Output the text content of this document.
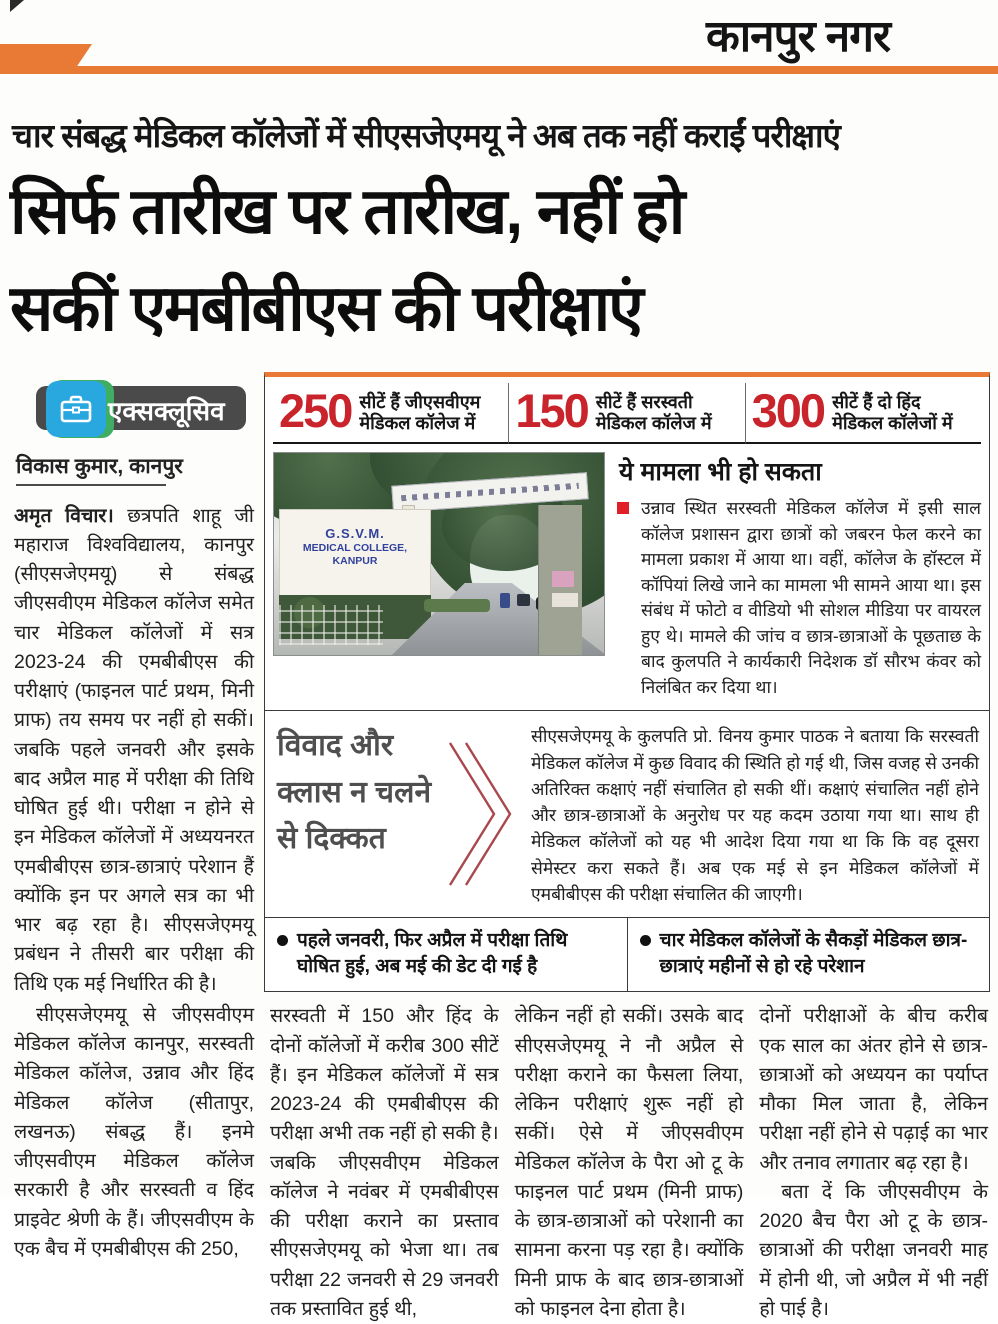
कानपुर नगर
चार संबद्ध मेडिकल कॉलेजों में सीएसजेएमयू ने अब तक नहीं कराईं परीक्षाएं
सिर्फ तारीख पर तारीख, नहीं हो
सकीं एमबीबीएस की परीक्षाएं
एक्सक्लूसिव
विकास कुमार, कानपुर

अमृत विचार। छत्रपति शाहू जी महाराज विश्वविद्यालय, कानपुर (सीएसजेएमयू) से संबद्ध जीएसवीएम मेडिकल कॉलेज समेत चार मेडिकल कॉलेजों में सत्र 2023-24 की एमबीबीएस की परीक्षाएं (फाइनल पार्ट प्रथम, मिनी प्राफ) तय समय पर नहीं हो सकीं। जबकि पहले जनवरी और इसके बाद अप्रैल माह में परीक्षा की तिथि घोषित हुई थी। परीक्षा न होने से इन मेडिकल कॉलेजों में अध्ययनरत एमबीबीएस छात्र-छात्राएं परेशान हैं क्योंकि इन पर अगले सत्र का भी भार बढ़ रहा है। सीएसजेएमयू प्रबंधन ने तीसरी बार परीक्षा की तिथि एक मई निर्धारित की है।

सीएसजेएमयू से जीएसवीएम मेडिकल कॉलेज कानपुर, सरस्वती मेडिकल कॉलेज, उन्नाव और हिंद मेडिकल कॉलेज (सीतापुर, लखनऊ) संबद्ध हैं। इनमे जीएसवीएम मेडिकल कॉलेज सरकारी है और सरस्वती व हिंद प्राइवेट श्रेणी के हैं। जीएसवीएम के एक बैच में एमबीबीएस की 250,

250 सीटें हैं जीएसवीएम मेडिकल कॉलेज में 150 सीटें हैं सरस्वती मेडिकल कॉलेज में 300 सीटें हैं दो हिंद मेडिकल कॉलेजों में
G.S.V.M.
MEDICAL COLLEGE, KANPUR
ये मामला भी हो सकता

उन्नाव स्थित सरस्वती मेडिकल कॉलेज में इसी साल कॉलेज प्रशासन द्वारा छात्रों को जबरन फेल करने का मामला प्रकाश में आया था। वहीं, कॉलेज के हॉस्टल में कॉपियां लिखे जाने का मामला भी सामने आया था। इस संबंध में फोटो व वीडियो भी सोशल मीडिया पर वायरल हुए थे। मामले की जांच व छात्र-छात्राओं के पूछताछ के बाद कुलपति ने कार्यकारी निदेशक डॉ सौरभ कंवर को निलंबित कर दिया था।

विवाद और
क्लास न चलने
से दिक्कत

सीएसजेएमयू के कुलपति प्रो. विनय कुमार पाठक ने बताया कि सरस्वती मेडिकल कॉलेज में कुछ विवाद की स्थिति हो गई थी, जिस वजह से उनकी अतिरिक्त कक्षाएं नहीं संचालित हो सकी थीं। कक्षाएं संचालित नहीं होने और छात्र-छात्राओं के अनुरोध पर यह कदम उठाया गया था। साथ ही मेडिकल कॉलेजों को यह भी आदेश दिया गया था कि कि वह दूसरा सेमेस्टर करा सकते हैं। अब एक मई से इन मेडिकल कॉलेजों में एमबीबीएस की परीक्षा संचालित की जाएगी।

पहले जनवरी, फिर अप्रैल में परीक्षा तिथि घोषित हुई, अब मई की डेट दी गई है

चार मेडिकल कॉलेजों के सैकड़ों मेडिकल छात्र-छात्राएं महीनों से हो रहे परेशान

सरस्वती में 150 और हिंद के दोनों कॉलेजों में करीब 300 सीटें हैं। इन मेडिकल कॉलेजों में सत्र 2023-24 की एमबीबीएस की परीक्षा अभी तक नहीं हो सकी है। जबकि जीएसवीएम मेडिकल कॉलेज ने नवंबर में एमबीबीएस की परीक्षा कराने का प्रस्ताव सीएसजेएमयू को भेजा था। तब परीक्षा 22 जनवरी से 29 जनवरी तक प्रस्तावित हुई थी,

लेकिन नहीं हो सकीं। उसके बाद सीएसजेएमयू ने नौ अप्रैल से परीक्षा कराने का फैसला लिया, लेकिन परीक्षाएं शुरू नहीं हो सकीं। ऐसे में जीएसवीएम मेडिकल कॉलेज के पैरा ओ टू के फाइनल पार्ट प्रथम (मिनी प्राफ) के छात्र-छात्राओं को परेशानी का सामना करना पड़ रहा है। क्योंकि मिनी प्राफ के बाद छात्र-छात्राओं को फाइनल देना होता है।

दोनों परीक्षाओं के बीच करीब एक साल का अंतर होने से छात्र-छात्राओं को अध्ययन का पर्याप्त मौका मिल जाता है, लेकिन परीक्षा नहीं होने से पढ़ाई का भार और तनाव लगातार बढ़ रहा है।

बता दें कि जीएसवीएम के 2020 बैच पैरा ओ टू के छात्र-छात्राओं की परीक्षा जनवरी माह में होनी थी, जो अप्रैल में भी नहीं हो पाई है।
